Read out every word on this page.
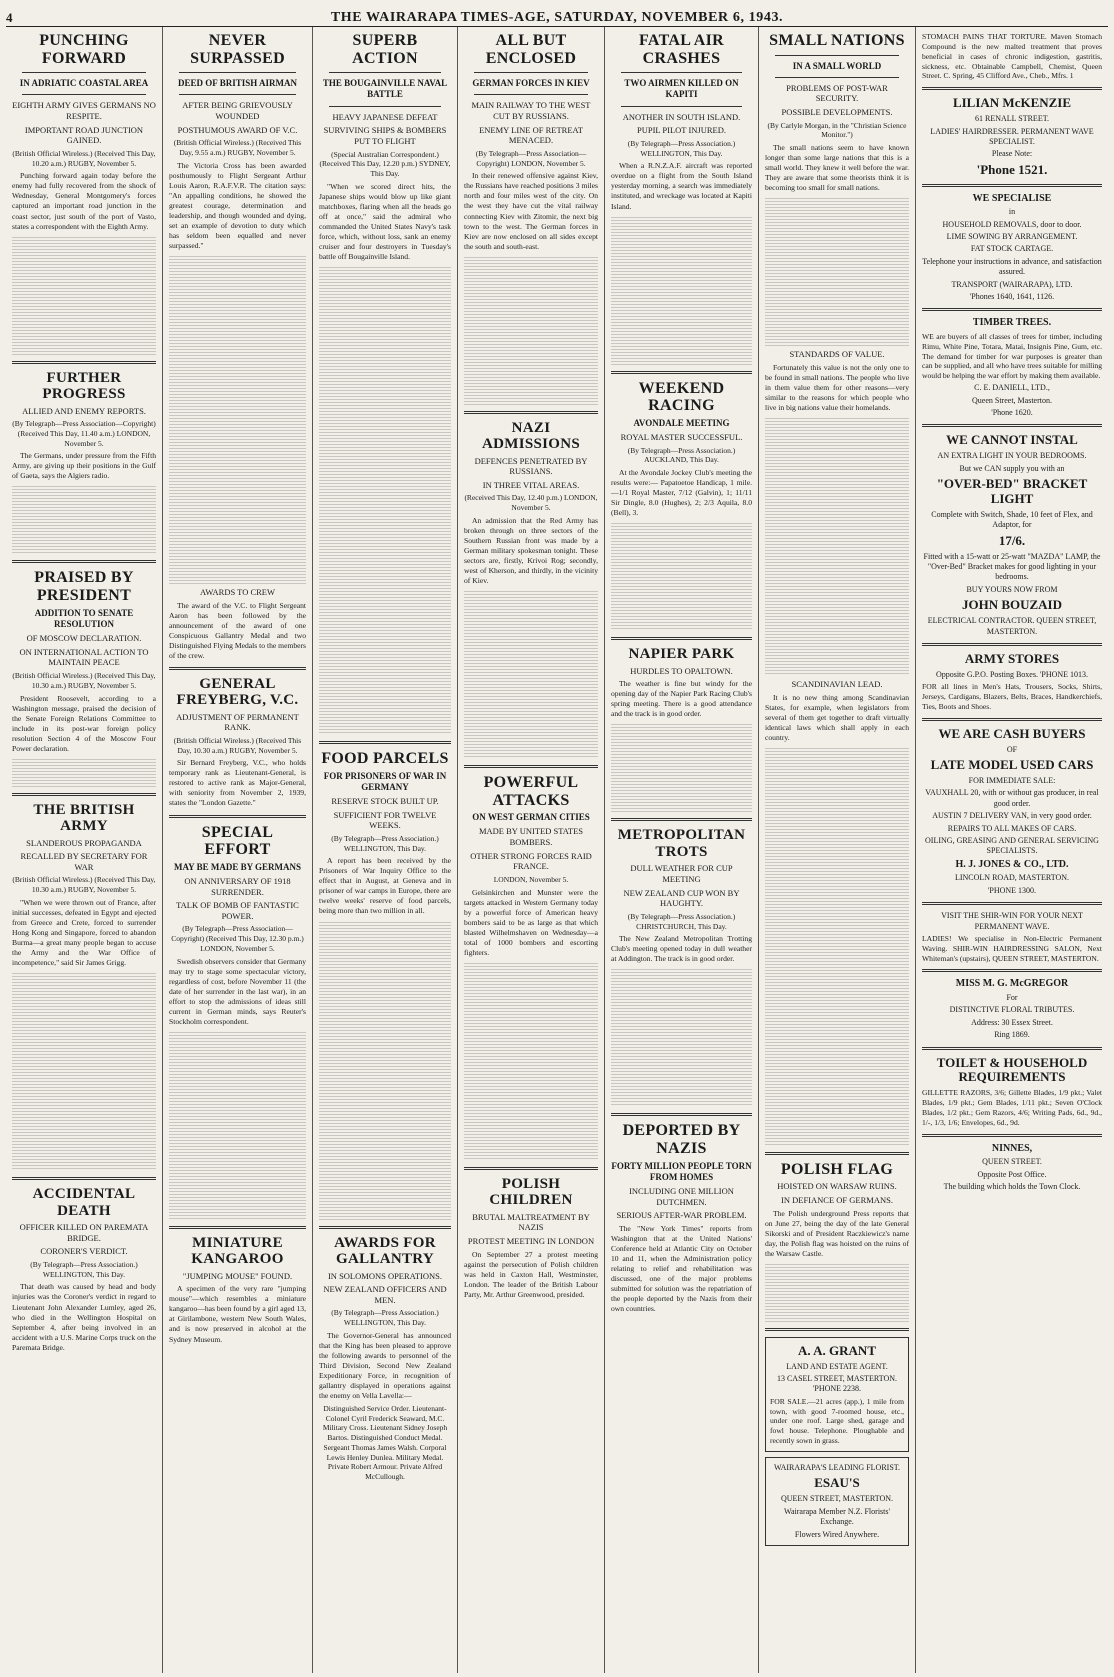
4	THE WAIRARAPA TIMES-AGE, SATURDAY, NOVEMBER 6, 1943.
PUNCHING FORWARD
IN ADRIATIC COASTAL AREA
EIGHTH ARMY GIVES GERMANS NO RESPITE.
IMPORTANT ROAD JUNCTION GAINED.
(British Official Wireless.) (Received This Day, 10.20 a.m.) RUGBY, November 5.
Punching forward again today before the enemy had fully recovered from the shock of Wednesday, General Montgomery's forces captured an important road junction in the coast sector, just south of the port of Vasto, states a correspondent with the Eighth Army.
FURTHER PROGRESS
ALLIED AND ENEMY REPORTS.
(By Telegraph—Press Association—Copyright) (Received This Day, 11.40 a.m.) LONDON, November 5.
The Germans, under pressure from the Fifth Army, are giving up their positions in the Gulf of Gaeta, says the Algiers radio.
PRAISED BY PRESIDENT
ADDITION TO SENATE RESOLUTION
OF MOSCOW DECLARATION.
ON INTERNATIONAL ACTION TO MAINTAIN PEACE
(British Official Wireless.) (Received This Day, 10.30 a.m.) RUGBY, November 5.
President Roosevelt, according to a Washington message, praised the decision of the Senate Foreign Relations Committee to include in its post-war foreign policy resolution Section 4 of the Moscow Four Power declaration.
THE BRITISH ARMY
SLANDEROUS PROPAGANDA
RECALLED BY SECRETARY FOR WAR
(British Official Wireless.) (Received This Day, 10.30 a.m.) RUGBY, November 5.
"When we were thrown out of France, after initial successes, defeated in Egypt and ejected from Greece and Crete, forced to surrender Hong Kong and Singapore, forced to abandon Burma—a great many people began to accuse the Army and the War Office of incompetence," said Sir James Grigg.
ACCIDENTAL DEATH
OFFICER KILLED ON PAREMATA BRIDGE.
CORONER'S VERDICT.
(By Telegraph—Press Association.) WELLINGTON, This Day.
That death was caused by head and body injuries was the Coroner's verdict in regard to Lieutenant John Alexander Lumley, aged 26, who died in the Wellington Hospital on September 4, after being involved in an accident with a U.S. Marine Corps truck on the Paremata Bridge.
NEVER SURPASSED
DEED OF BRITISH AIRMAN
AFTER BEING GRIEVOUSLY WOUNDED
POSTHUMOUS AWARD OF V.C.
(British Official Wireless.) (Received This Day, 9.55 a.m.) RUGBY, November 5.
The Victoria Cross has been awarded posthumously to Flight Sergeant Arthur Louis Aaron, R.A.F.V.R. The citation says: "An appalling conditions, he showed the greatest courage, determination and leadership, and though wounded and dying, set an example of devotion to duty which has seldom been equalled and never surpassed."
AWARDS TO CREW
The award of the V.C. to Flight Sergeant Aaron has been followed by the announcement of the award of one Conspicuous Gallantry Medal and two Distinguished Flying Medals to the members of the crew.
GENERAL FREYBERG, V.C.
ADJUSTMENT OF PERMANENT RANK.
(British Official Wireless.) (Received This Day, 10.30 a.m.) RUGBY, November 5.
Sir Bernard Freyberg, V.C., who holds temporary rank as Lieutenant-General, is restored to active rank as Major-General, with seniority from November 2, 1939, states the "London Gazette."
SPECIAL EFFORT
MAY BE MADE BY GERMANS
ON ANNIVERSARY OF 1918 SURRENDER.
TALK OF BOMB OF FANTASTIC POWER.
(By Telegraph—Press Association—Copyright) (Received This Day, 12.30 p.m.) LONDON, November 5.
Swedish observers consider that Germany may try to stage some spectacular victory, regardless of cost, before November 11 (the date of her surrender in the last war), in an effort to stop the admissions of ideas still current in German minds, says Reuter's Stockholm correspondent.
MINIATURE KANGAROO
"JUMPING MOUSE" FOUND.
A specimen of the very rare "jumping mouse"—which resembles a miniature kangaroo—has been found by a girl aged 13, at Girilambone, western New South Wales, and is now preserved in alcohol at the Sydney Museum.
SUPERB ACTION
THE BOUGAINVILLE NAVAL BATTLE
HEAVY JAPANESE DEFEAT
SURVIVING SHIPS & BOMBERS PUT TO FLIGHT
(Special Australian Correspondent.) (Received This Day, 12.20 p.m.) SYDNEY, This Day.
"When we scored direct hits, the Japanese ships would blow up like giant matchboxes, flaring when all the heads go off at once," said the admiral who commanded the United States Navy's task force, which, without loss, sank an enemy cruiser and four destroyers in Tuesday's battle off Bougainville Island.
FOOD PARCELS
FOR PRISONERS OF WAR IN GERMANY
RESERVE STOCK BUILT UP.
SUFFICIENT FOR TWELVE WEEKS.
(By Telegraph—Press Association.) WELLINGTON, This Day.
A report has been received by the Prisoners of War Inquiry Office to the effect that in August, at Geneva and in prisoner of war camps in Europe, there are twelve weeks' reserve of food parcels, being more than two million in all.
AWARDS FOR GALLANTRY
IN SOLOMONS OPERATIONS.
NEW ZEALAND OFFICERS AND MEN.
(By Telegraph—Press Association.) WELLINGTON, This Day.
The Governor-General has announced that the King has been pleased to approve the following awards to personnel of the Third Division, Second New Zealand Expeditionary Force, in recognition of gallantry displayed in operations against the enemy on Vella Lavella:—
Distinguished Service Order. Lieutenant-Colonel Cyril Frederick Seaward, M.C. Military Cross. Lieutenant Sidney Joseph Bartos. Distinguished Conduct Medal. Sergeant Thomas James Walsh. Corporal Lewis Henley Dunlea. Military Medal. Private Robert Armour. Private Alfred McCullough.
ALL BUT ENCLOSED
GERMAN FORCES IN KIEV
MAIN RAILWAY TO THE WEST CUT BY RUSSIANS.
ENEMY LINE OF RETREAT MENACED.
(By Telegraph—Press Association—Copyright) LONDON, November 5.
In their renewed offensive against Kiev, the Russians have reached positions 3 miles north and four miles west of the city. On the west they have cut the vital railway connecting Kiev with Zitomir, the next big town to the west. The German forces in Kiev are now enclosed on all sides except the south and south-east.
NAZI ADMISSIONS
DEFENCES PENETRATED BY RUSSIANS.
IN THREE VITAL AREAS.
(Received This Day, 12.40 p.m.) LONDON, November 5.
An admission that the Red Army has broken through on three sectors of the Southern Russian front was made by a German military spokesman tonight. These sectors are, firstly, Krivoi Rog; secondly, west of Kherson, and thirdly, in the vicinity of Kiev.
POWERFUL ATTACKS
ON WEST GERMAN CITIES
MADE BY UNITED STATES BOMBERS.
OTHER STRONG FORCES RAID FRANCE.
LONDON, November 5.
Gelsinkirchen and Munster were the targets attacked in Western Germany today by a powerful force of American heavy bombers said to be as large as that which blasted Wilhelmshaven on Wednesday—a total of 1000 bombers and escorting fighters.
POLISH CHILDREN
BRUTAL MALTREATMENT BY NAZIS
PROTEST MEETING IN LONDON
On September 27 a protest meeting against the persecution of Polish children was held in Caxton Hall, Westminster, London. The leader of the British Labour Party, Mr. Arthur Greenwood, presided.
FATAL AIR CRASHES
TWO AIRMEN KILLED ON KAPITI
ANOTHER IN SOUTH ISLAND.
PUPIL PILOT INJURED.
(By Telegraph—Press Association.) WELLINGTON, This Day.
When a R.N.Z.A.F. aircraft was reported overdue on a flight from the South Island yesterday morning, a search was immediately instituted, and wreckage was located at Kapiti Island.
WEEKEND RACING
AVONDALE MEETING
ROYAL MASTER SUCCESSFUL.
(By Telegraph—Press Association.) AUCKLAND, This Day.
At the Avondale Jockey Club's meeting the results were:— Papatoetoe Handicap, 1 mile.—1/1 Royal Master, 7/12 (Galvin), 1; 11/11 Sir Dingle, 8.0 (Hughes), 2; 2/3 Aquila, 8.0 (Bell), 3.
NAPIER PARK
HURDLES TO OPALTOWN.
The weather is fine but windy for the opening day of the Napier Park Racing Club's spring meeting. There is a good attendance and the track is in good order.
METROPOLITAN TROTS
DULL WEATHER FOR CUP MEETING
NEW ZEALAND CUP WON BY HAUGHTY.
(By Telegraph—Press Association.) CHRISTCHURCH, This Day.
The New Zealand Metropolitan Trotting Club's meeting opened today in dull weather at Addington. The track is in good order.
DEPORTED BY NAZIS
FORTY MILLION PEOPLE TORN FROM HOMES
INCLUDING ONE MILLION DUTCHMEN.
SERIOUS AFTER-WAR PROBLEM.
The "New York Times" reports from Washington that at the United Nations' Conference held at Atlantic City on October 10 and 11, when the Administration policy relating to relief and rehabilitation was discussed, one of the major problems submitted for solution was the repatriation of the people deported by the Nazis from their own countries.
SMALL NATIONS
IN A SMALL WORLD
PROBLEMS OF POST-WAR SECURITY.
POSSIBLE DEVELOPMENTS.
(By Carlyle Morgan, in the "Christian Science Monitor.")
The small nations seem to have known longer than some large nations that this is a small world. They knew it well before the war. They are aware that some theorists think it is becoming too small for small nations.
STANDARDS OF VALUE.
Fortunately this value is not the only one to be found in small nations. The people who live in them value them for other reasons—very similar to the reasons for which people who live in big nations value their homelands.
SCANDINAVIAN LEAD.
It is no new thing among Scandinavian States, for example, when legislators from several of them get together to draft virtually identical laws which shall apply in each country.
POLISH FLAG
HOISTED ON WARSAW RUINS.
IN DEFIANCE OF GERMANS.
The Polish underground Press reports that on June 27, being the day of the late General Sikorski and of President Raczkiewicz's name day, the Polish flag was hoisted on the ruins of the Warsaw Castle.
A. A. GRANT
LAND AND ESTATE AGENT.
13 CASEL STREET, MASTERTON. 'PHONE 2238.
FOR SALE.—21 acres (app.), 1 mile from town, with good 7-roomed house, etc., under one roof. Large shed, garage and fowl house. Telephone. Ploughable and recently sown in grass.
WAIRARAPA'S LEADING FLORIST.
ESAU'S
QUEEN STREET, MASTERTON.
Wairarapa Member N.Z. Florists' Exchange.
Flowers Wired Anywhere.
STOMACH PAINS THAT TORTURE. Maven Stomach Compound is the new malted treatment that proves beneficial in cases of chronic indigestion, gastritis, sickness, etc. Obtainable Campbell, Chemist, Queen Street. C. Spring, 45 Clifford Ave., Cheb., Mfrs. 1
LILIAN McKENZIE
61 RENALL STREET.
LADIES' HAIRDRESSER. PERMANENT WAVE SPECIALIST.
Please Note:
'Phone 1521.
WE SPECIALISE
in
HOUSEHOLD REMOVALS, door to door.
LIME SOWING BY ARRANGEMENT.
FAT STOCK CARTAGE.
Telephone your instructions in advance, and satisfaction assured.
TRANSPORT (WAIRARAPA), LTD.
'Phones 1640, 1641, 1126.
TIMBER TREES.
WE are buyers of all classes of trees for timber, including Rimu, White Pine, Totara, Matai, Insignis Pine, Gum, etc. The demand for timber for war purposes is greater than can be supplied, and all who have trees suitable for milling would be helping the war effort by making them available.
C. E. DANIELL, LTD.,
Queen Street, Masterton.
'Phone 1620.
WE CANNOT INSTAL
AN EXTRA LIGHT IN YOUR BEDROOMS.
But we CAN supply you with an
"OVER-BED" BRACKET LIGHT
Complete with Switch, Shade, 10 feet of Flex, and Adaptor, for
17/6.
Fitted with a 15-watt or 25-watt "MAZDA" LAMP, the "Over-Bed" Bracket makes for good lighting in your bedrooms.
BUY YOURS NOW FROM
JOHN BOUZAID
ELECTRICAL CONTRACTOR. QUEEN STREET, MASTERTON.
ARMY STORES
Opposite G.P.O. Posting Boxes. 'PHONE 1013.
FOR all lines in Men's Hats, Trousers, Socks, Shirts, Jerseys, Cardigans, Blazers, Belts, Braces, Handkerchiefs, Ties, Boots and Shoes.
WE ARE CASH BUYERS
OF
LATE MODEL USED CARS
FOR IMMEDIATE SALE:
VAUXHALL 20, with or without gas producer, in real good order.
AUSTIN 7 DELIVERY VAN, in very good order.
REPAIRS TO ALL MAKES OF CARS.
OILING, GREASING AND GENERAL SERVICING SPECIALISTS.
H. J. JONES & CO., LTD.
LINCOLN ROAD, MASTERTON.
'PHONE 1300.
VISIT THE SHIR-WIN FOR YOUR NEXT PERMANENT WAVE.
LADIES! We specialise in Non-Electric Permanent Waving. SHIR-WIN HAIRDRESSING SALON, Next Whiteman's (upstairs), QUEEN STREET, MASTERTON.
MISS M. G. McGREGOR
For
DISTINCTIVE FLORAL TRIBUTES.
Address: 30 Essex Street.
Ring 1869.
TOILET & HOUSEHOLD REQUIREMENTS
GILLETTE RAZORS, 3/6; Gillette Blades, 1/9 pkt.; Valet Blades, 1/9 pkt.; Gem Blades, 1/11 pkt.; Seven O'Clock Blades, 1/2 pkt.; Gem Razors, 4/6; Writing Pads, 6d., 9d., 1/-, 1/3, 1/6; Envelopes, 6d., 9d.
NINNES,
QUEEN STREET.
Opposite Post Office.
The building which holds the Town Clock.
